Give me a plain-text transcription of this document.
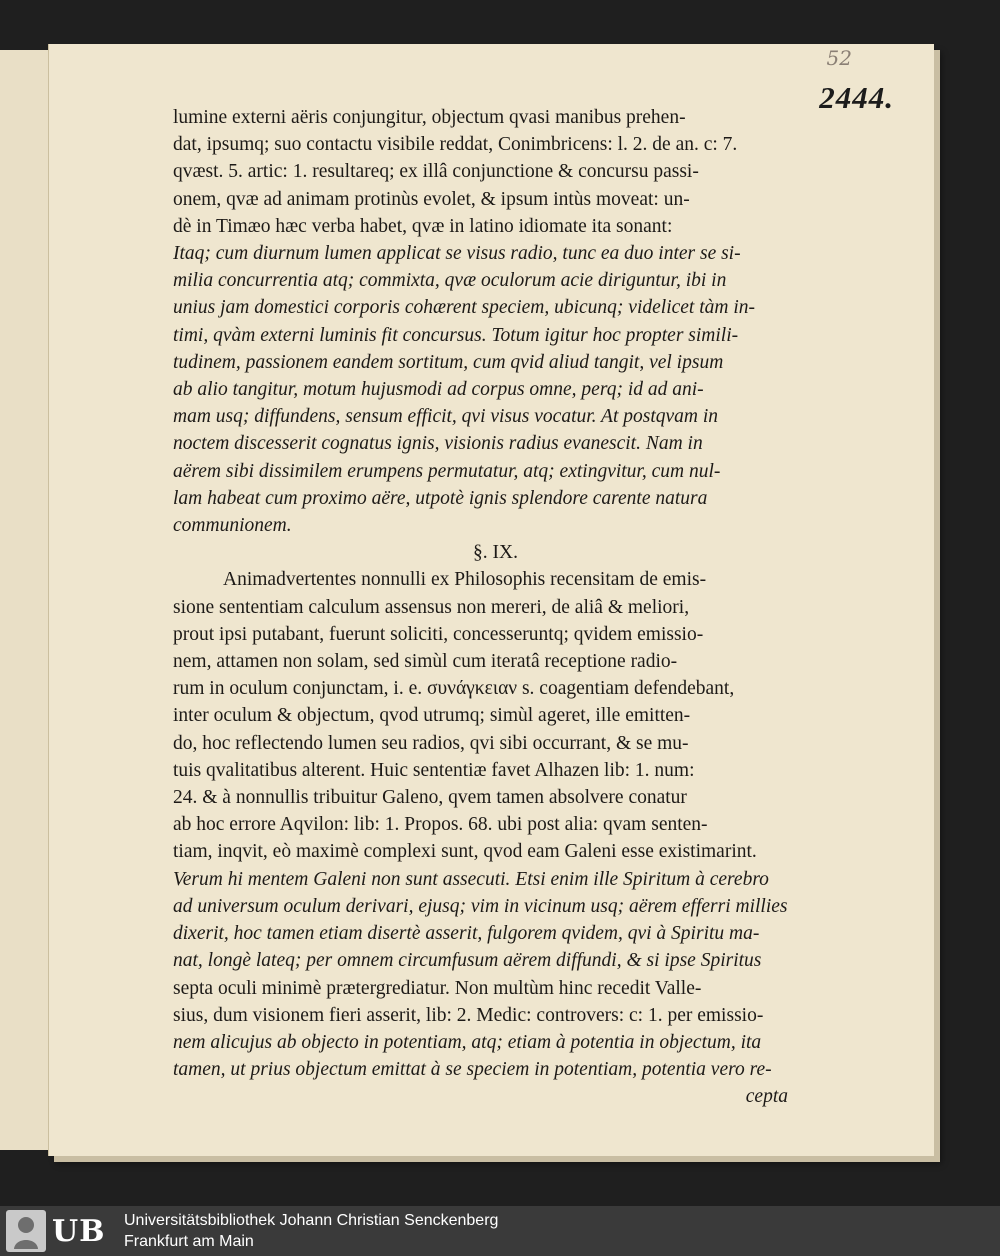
52
2444.
lumine externi aëris conjungitur, objectum qvasi manibus prehen-
dat, ipsumq; suo contactu visibile reddat, Conimbricens: l. 2. de an. c: 7.
qvæst. 5. artic: 1. resultareq; ex illâ conjunctione & concursu passi-
onem, qvæ ad animam protinùs evolet, & ipsum intùs moveat: un-
dè in Timæo hæc verba habet, qvæ in latino idiomate ita sonant:
Itaq; cum diurnum lumen applicat se visus radio, tunc ea duo inter se si-
milia concurrentia atq; commixta, qvæ oculorum acie diriguntur, ibi in
unius jam domestici corporis cohærent speciem, ubicunq; videlicet tàm in-
timi, qvàm externi luminis fit concursus. Totum igitur hoc propter simili-
tudinem, passionem eandem sortitum, cum qvid aliud tangit, vel ipsum
ab alio tangitur, motum hujusmodi ad corpus omne, perq; id ad ani-
mam usq; diffundens, sensum efficit, qvi visus vocatur. At postqvam in
noctem discesserit cognatus ignis, visionis radius evanescit. Nam in
aërem sibi dissimilem erumpens permutatur, atq; extingvitur, cum nul-
lam habeat cum proximo aëre, utpotè ignis splendore carente natura
communionem.
§. IX.
Animadvertentes nonnulli ex Philosophis recensitam de emis-
sione sententiam calculum assensus non mereri, de aliâ & meliori,
prout ipsi putabant, fuerunt soliciti, concesseruntq; qvidem emissio-
nem, attamen non solam, sed simùl cum iteratâ receptione radio-
rum in oculum conjunctam, i. e. συνάγκειαν s. coagentiam defendebant,
inter oculum & objectum, qvod utrumq; simùl ageret, ille emitten-
do, hoc reflectendo lumen seu radios, qvi sibi occurrant, & se mu-
tuis qvalitatibus alterent. Huic sententiæ favet Alhazen lib: 1. num:
24. & à nonnullis tribuitur Galeno, qvem tamen absolvere conatur
ab hoc errore Aqvilon: lib: 1. Propos. 68. ubi post alia: qvam senten-
tiam, inqvit, eò maximè complexi sunt, qvod eam Galeni esse existimarint.
Verum hi mentem Galeni non sunt assecuti. Etsi enim ille Spiritum à cerebro
ad universum oculum derivari, ejusq; vim in vicinum usq; aërem efferri millies
dixerit, hoc tamen etiam disertè asserit, fulgorem qvidem, qvi à Spiritu ma-
nat, longè lateq; per omnem circumfusum aërem diffundi, & si ipse Spiritus
septa oculi minimè prætergrediatur. Non multùm hinc recedit Valle-
sius, dum visionem fieri asserit, lib: 2. Medic: controvers: c: 1. per emissio-
nem alicujus ab objecto in potentiam, atq; etiam à potentia in objectum, ita
tamen, ut prius objectum emittat à se speciem in potentiam, potentia vero re-
cepta
UB Universitätsbibliothek Johann Christian Senckenberg
Frankfurt am Main
